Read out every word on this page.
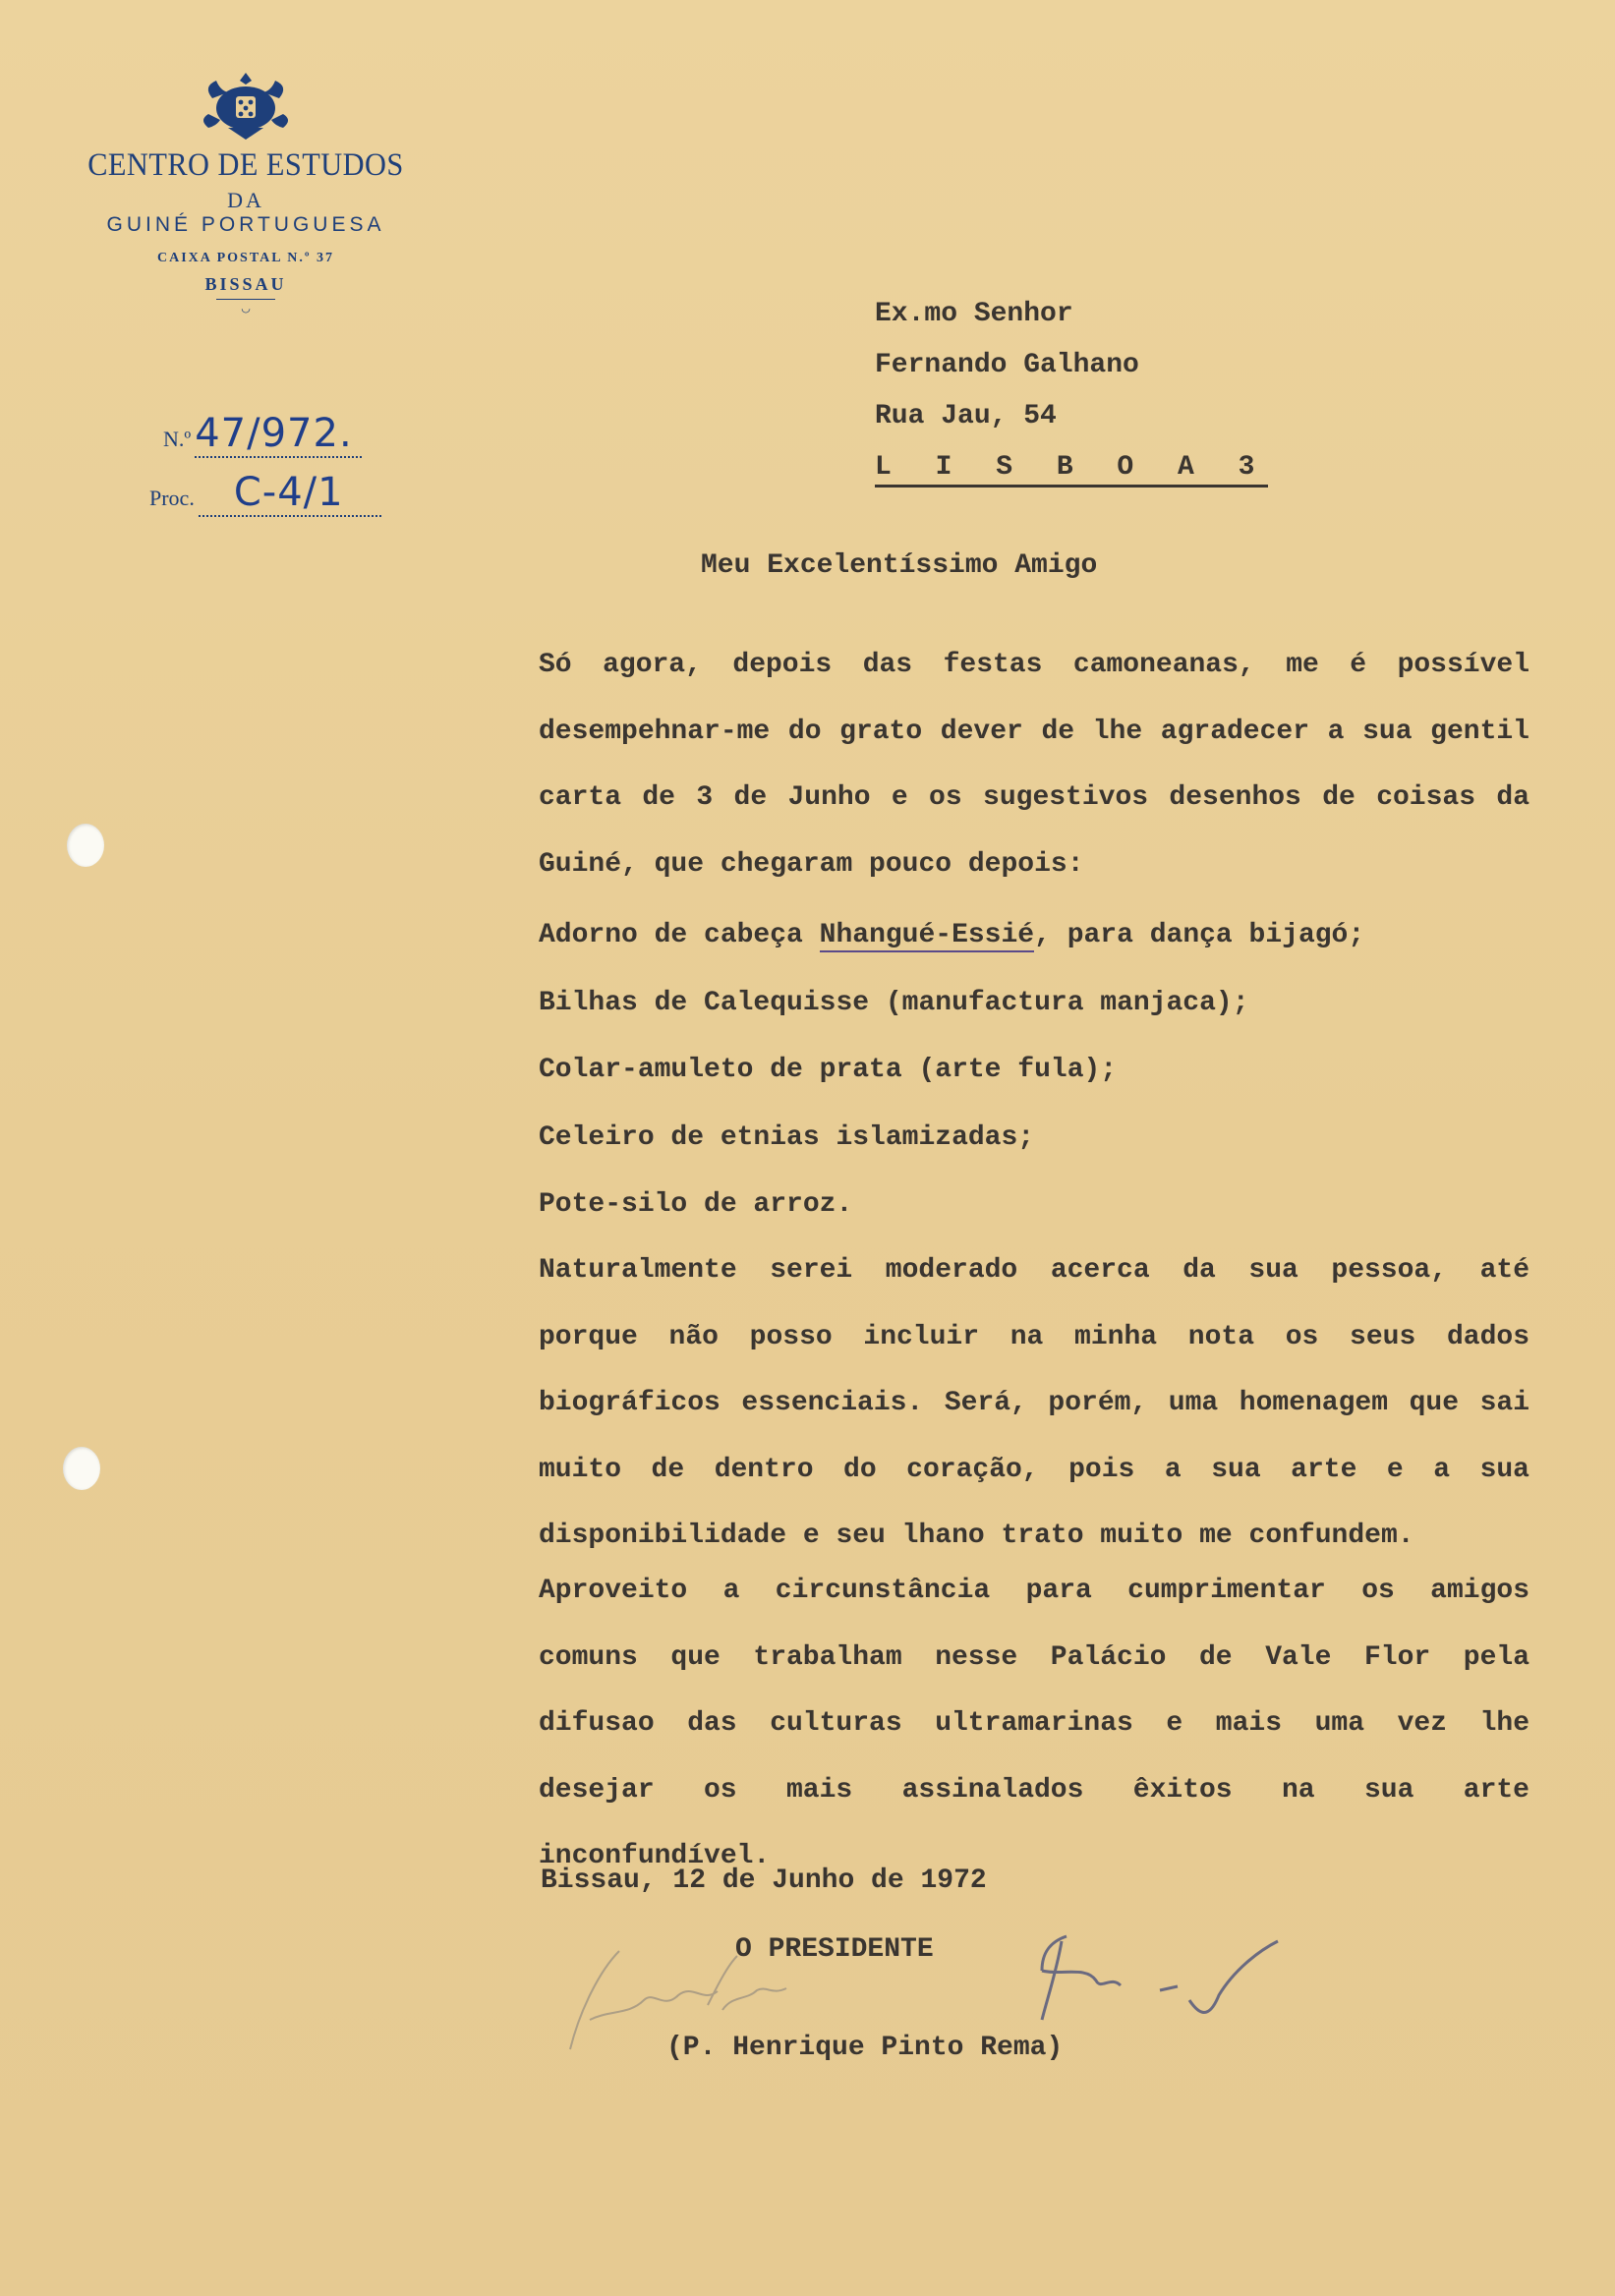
CENTRO DE ESTUDOS
DA
GUINÉ PORTUGUESA
CAIXA POSTAL N.º 37
BISSAU
◡
N.º 47/972.
Proc. C-4/1
Ex.mo Senhor
Fernando Galhano
Rua Jau, 54
L I S B O A 3
Meu Excelentíssimo Amigo

Só agora, depois das festas camoneanas, me é possível desempehnar-me do grato dever de lhe agradecer a sua gentil carta de 3 de Junho e os sugestivos desenhos de coisas da Guiné, que chegaram pouco depois:

Adorno de cabeça Nhangué-Essié, para dança bijagó;
Bilhas de Calequisse (manufactura manjaca);
Colar-amuleto de prata (arte fula);
Celeiro de etnias islamizadas;
Pote-silo de arroz.

Naturalmente serei moderado acerca da sua pessoa, até porque não posso incluir na minha nota os seus dados biográficos essenciais. Será, porém, uma homenagem que sai muito de dentro do coração, pois a sua arte e a sua disponibilidade e seu lhano trato muito me confundem.

Aproveito a circunstância para cumprimentar os amigos comuns que trabalham nesse Palácio de Vale Flor pela difusao das culturas ultramarinas e mais uma vez lhe desejar os mais assinalados êxitos na sua arte inconfundível.

Bissau, 12 de Junho de 1972
O PRESIDENTE
(P. Henrique Pinto Rema)
